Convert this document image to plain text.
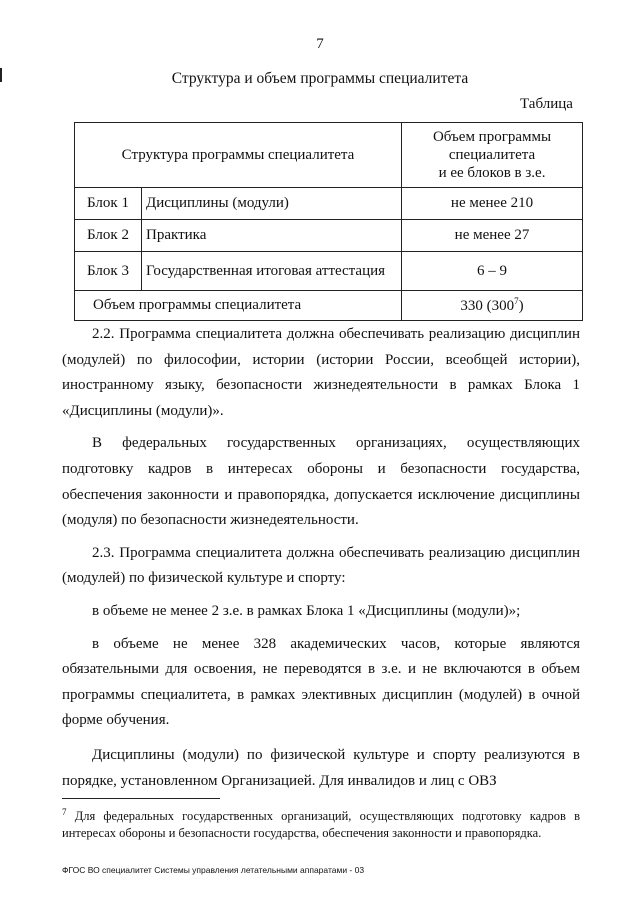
7
Структура и объем программы специалитета
Таблица
Структура программы специалитета		Объем программы
специалитета
и ее блоков в з.е.

Блок 1	Дисциплины (модули)	не менее 210
Блок 2	Практика	не менее 27
Блок 3	Государственная итоговая аттестация	6 – 9
Объем программы специалитета		330 $(300^7)$

2.2. Программа специалитета должна обеспечивать реализацию дисциплин (модулей) по философии, истории (истории России, всеобщей истории), иностранному языку, безопасности жизнедеятельности в рамках Блока 1 «Дисциплины (модули)».

В федеральных государственных организациях, осуществляющих подготовку кадров в интересах обороны и безопасности государства, обеспечения законности и правопорядка, допускается исключение дисциплины (модуля) по безопасности жизнедеятельности.

2.3. Программа специалитета должна обеспечивать реализацию дисциплин (модулей) по физической культуре и спорту:

в объеме не менее 2 з.е. в рамках Блока 1 «Дисциплины (модули)»;

в объеме не менее 328 академических часов, которые являются обязательными для освоения, не переводятся в з.е. и не включаются в объем программы специалитета, в рамках элективных дисциплин (модулей) в очной форме обучения.

Дисциплины (модули) по физической культуре и спорту реализуются в порядке, установленном Организацией. Для инвалидов и лиц с ОВЗ

$^7$ Для федеральных государственных организаций, осуществляющих подготовку кадров в интересах обороны и безопасности государства, обеспечения законности и правопорядка.
ФГОС ВО специалитет Системы управления летательными аппаратами - 03
